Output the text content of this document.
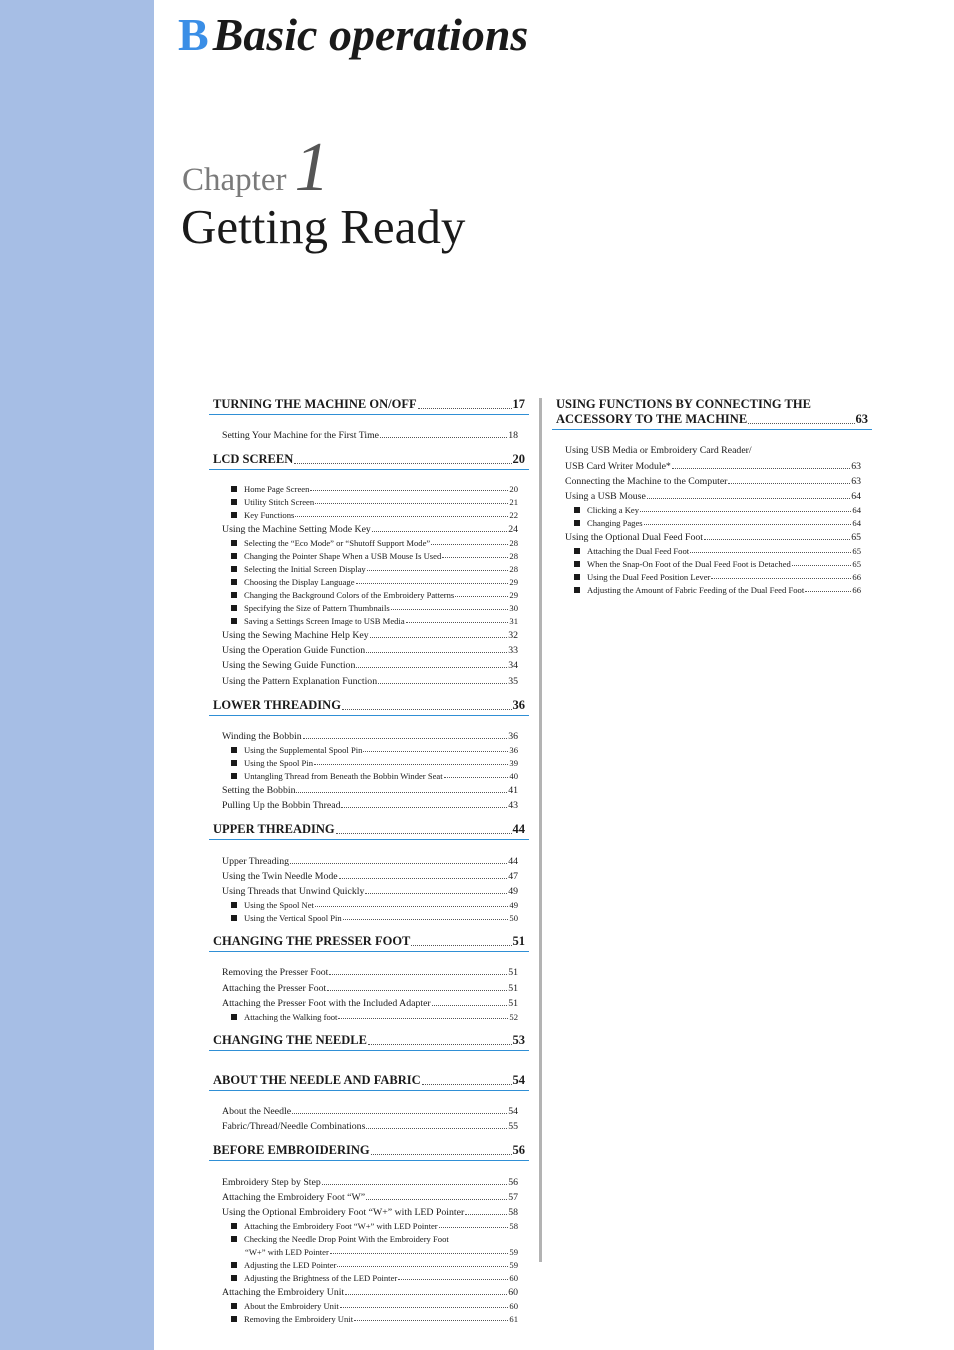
BBasic operations
Chapter 1
Getting Ready
TURNING THE MACHINE ON/OFF	17
Setting Your Machine for the First Time	18
LCD SCREEN	20
Home Page Screen	20
Utility Stitch Screen	21
Key Functions	22
Using the Machine Setting Mode Key	24
Selecting the “Eco Mode” or “Shutoff Support Mode”	28
Changing the Pointer Shape When a USB Mouse Is Used	28
Selecting the Initial Screen Display	28
Choosing the Display Language	29
Changing the Background Colors of the Embroidery Patterns	29
Specifying the Size of Pattern Thumbnails	30
Saving a Settings Screen Image to USB Media	31
Using the Sewing Machine Help Key	32
Using the Operation Guide Function	33
Using the Sewing Guide Function	34
Using the Pattern Explanation Function	35
LOWER THREADING	36
Winding the Bobbin	36
Using the Supplemental Spool Pin	36
Using the Spool Pin	39
Untangling Thread from Beneath the Bobbin Winder Seat	40
Setting the Bobbin	41
Pulling Up the Bobbin Thread	43
UPPER THREADING	44
Upper Threading	44
Using the Twin Needle Mode	47
Using Threads that Unwind Quickly	49
Using the Spool Net	49
Using the Vertical Spool Pin	50
CHANGING THE PRESSER FOOT	51
Removing the Presser Foot	51
Attaching the Presser Foot	51
Attaching the Presser Foot with the Included Adapter	51
Attaching the Walking foot	52
CHANGING THE NEEDLE	53
ABOUT THE NEEDLE AND FABRIC	54
About the Needle	54
Fabric/Thread/Needle Combinations	55
BEFORE EMBROIDERING	56
Embroidery Step by Step	56
Attaching the Embroidery Foot “W”	57
Using the Optional Embroidery Foot “W+” with LED Pointer	58
Attaching the Embroidery Foot “W+” with LED Pointer	58
Checking the Needle Drop Point With the Embroidery Foot
“W+” with LED Pointer	59
Adjusting the LED Pointer	59
Adjusting the Brightness of the LED Pointer	60
Attaching the Embroidery Unit	60
About the Embroidery Unit	60
Removing the Embroidery Unit	61
USING FUNCTIONS BY CONNECTING THE
ACCESSORY TO THE MACHINE	63
Using USB Media or Embroidery Card Reader/
USB Card Writer Module*	63
Connecting the Machine to the Computer	63
Using a USB Mouse	64
Clicking a Key	64
Changing Pages	64
Using the Optional Dual Feed Foot	65
Attaching the Dual Feed Foot	65
When the Snap-On Foot of the Dual Feed Foot is Detached	65
Using the Dual Feed Position Lever	66
Adjusting the Amount of Fabric Feeding of the Dual Feed Foot	66
